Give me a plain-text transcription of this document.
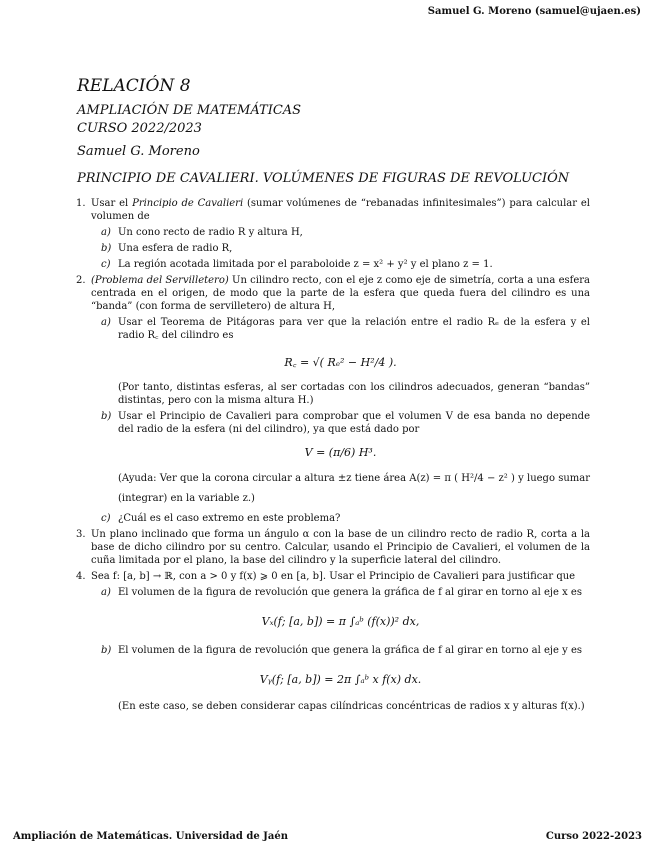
Samuel G. Moreno (samuel@ujaen.es)
RELACIÓN 8
AMPLIACIÓN DE MATEMÁTICAS
CURSO 2022/2023
Samuel G. Moreno
PRINCIPIO DE CAVALIERI. VOLÚMENES DE FIGURAS DE REVOLUCIÓN
1. Usar el Principio de Cavalieri (sumar volúmenes de “rebanadas infinitesimales”) para calcular el volumen de
a) Un cono recto de radio R y altura H,
b) Una esfera de radio R,
c) La región acotada limitada por el paraboloide z = x² + y² y el plano z = 1.
2. (Problema del Servilletero) Un cilindro recto, con el eje z como eje de simetría, corta a una esfera centrada en el origen, de modo que la parte de la esfera que queda fuera del cilindro es una “banda” (con forma de servilletero) de altura H,
a) Usar el Teorema de Pitágoras para ver que la relación entre el radio Rₑ de la esfera y el radio R꜀ del cilindro es
R꜀ = √( Rₑ² − H²/4 ).
(Por tanto, distintas esferas, al ser cortadas con los cilindros adecuados, generan “bandas” distintas, pero con la misma altura H.)
b) Usar el Principio de Cavalieri para comprobar que el volumen V de esa banda no depende del radio de la esfera (ni del cilindro), ya que está dado por
V = (π/6) H³.
(Ayuda: Ver que la corona circular a altura ±z tiene área A(z) = π ( H²/4 − z² ) y luego sumar (integrar) en la variable z.)
c) ¿Cuál es el caso extremo en este problema?
3. Un plano inclinado que forma un ángulo α con la base de un cilindro recto de radio R, corta a la base de dicho cilindro por su centro. Calcular, usando el Principio de Cavalieri, el volumen de la cuña limitada por el plano, la base del cilindro y la superficie lateral del cilindro.
4. Sea f: [a, b] → ℝ, con a > 0 y f(x) ⩾ 0 en [a, b]. Usar el Principio de Cavalieri para justificar que
a) El volumen de la figura de revolución que genera la gráfica de f al girar en torno al eje x es
Vₓ(f; [a, b]) = π ∫ₐᵇ (f(x))² dx,
b) El volumen de la figura de revolución que genera la gráfica de f al girar en torno al eje y es
Vᵧ(f; [a, b]) = 2π ∫ₐᵇ x f(x) dx.
(En este caso, se deben considerar capas cilíndricas concéntricas de radios x y alturas f(x).)
Ampliación de Matemáticas. Universidad de Jaén	Curso 2022-2023
